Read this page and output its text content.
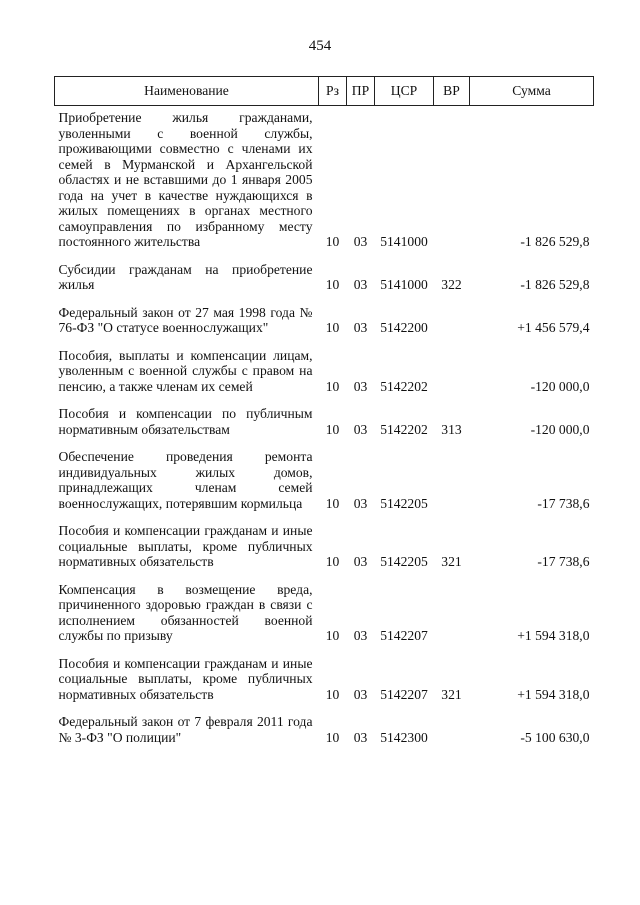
454
Наименование	Рз	ПР	ЦСР	ВР	Сумма

Приобретение жилья гражданами, уволенными с военной службы, проживающими совместно с членами их семей в Мурманской и Архангельской областях и не вставшими до 1 января 2005 года на учет в качестве нуждающихся в жилых помещениях в органах местного самоуправления по избранному месту постоянного жительства	10	03	5141000		-1 826 529,8

Субсидии гражданам на приобретение жилья	10	03	5141000	322	-1 826 529,8

Федеральный закон от 27 мая 1998 года № 76-ФЗ "О статусе военнослужащих"	10	03	5142200		+1 456 579,4

Пособия, выплаты и компенсации лицам, уволенным с военной службы с правом на пенсию, а также членам их семей	10	03	5142202		-120 000,0

Пособия и компенсации по публичным нормативным обязательствам	10	03	5142202	313	-120 000,0

Обеспечение проведения ремонта индивидуальных жилых домов, принадлежащих членам семей военнослужащих, потерявшим кормильца	10	03	5142205		-17 738,6

Пособия и компенсации гражданам и иные социальные выплаты, кроме публичных нормативных обязательств	10	03	5142205	321	-17 738,6

Компенсация в возмещение вреда, причиненного здоровью граждан в связи с исполнением обязанностей военной службы по призыву	10	03	5142207		+1 594 318,0

Пособия и компенсации гражданам и иные социальные выплаты, кроме публичных нормативных обязательств	10	03	5142207	321	+1 594 318,0

Федеральный закон от 7 февраля 2011 года № 3-ФЗ "О полиции"	10	03	5142300		-5 100 630,0
